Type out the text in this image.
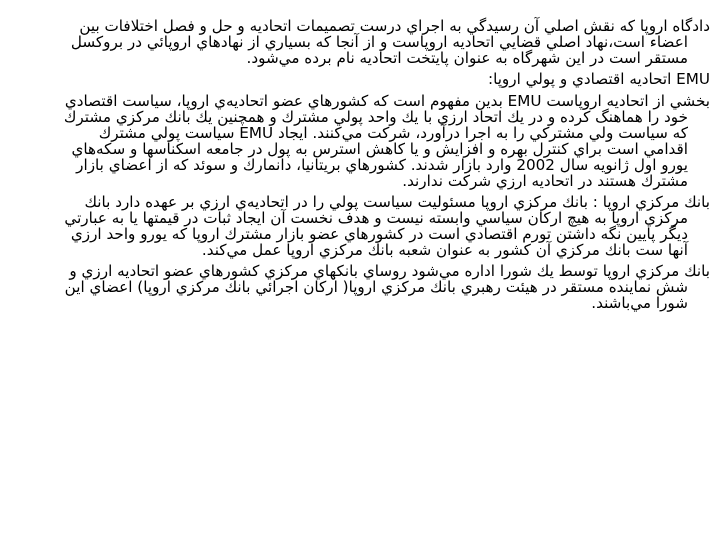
دادگاه اروپا كه نقش اصلي آن رسيدگي به اجراي درست تصميمات اتحاديه و حل و فصل اختلافات بين اعضاء است،نهاد اصلي قضايي اتحاديه اروپاست و از آنجا كه بسياري از نهادهاي اروپائي در بروكسل مستقر است در اين شهرگاه به عنوان پايتخت اتحاديه نام برده مي‌شود.

EMU اتحاديه اقتصادي و پولي اروپا:

بخشي از اتحاديه اروپاست EMU بدين مفهوم است كه كشورهاي عضو اتحاديه‌ي اروپا، سياست اقتصادي خود را هماهنگ كرده و در يك اتحاد ارزي با يك واحد پولي مشترك و همچنين يك بانك مركزي مشترك كه سياست ولي مشتركي را به اجرا درآورد، شركت مي‌كنند. ايجاد EMU سياست پولي مشترك اقدامي است براي كنترل بهره و افزايش و يا كاهش استرس به پول در جامعه اسكناسها و سكه‌هاي يورو اول ژانويه سال 2002 وارد بازار شدند. كشورهاي بريتانيا، دانمارك و سوئد كه از اعضاي بازار مشترك هستند در اتحاديه ارزي شركت ندارند.

بانك مركزي اروپا : بانك مركزي اروپا مسئوليت سياست پولي را در اتحاديه‌ي ارزي بر عهده دارد بانك مركزي اروپا به هيچ اركان سياسي وابسته نيست و هدف نخست آن ايجاد ثبات در قيمتها يا به عبارتي ديگر پايين نگه داشتن تورم اقتصادي است در كشورهاي عضو بازار مشترك اروپا كه يورو واحد ارزي آنها ست بانك مركزي آن كشور به عنوان شعبه بانك مركزي اروپا عمل مي‌كند.

بانك مركزي اروپا توسط يك شورا اداره مي‌شود روساي بانكهاي مركزي كشورهاي عضو اتحاديه ارزي و شش نماينده مستقر در هيئت رهبري بانك مركزي اروپا( اركان اجرائي بانك مركزي اروپا) اعضاي اين شورا مي‌باشند.
